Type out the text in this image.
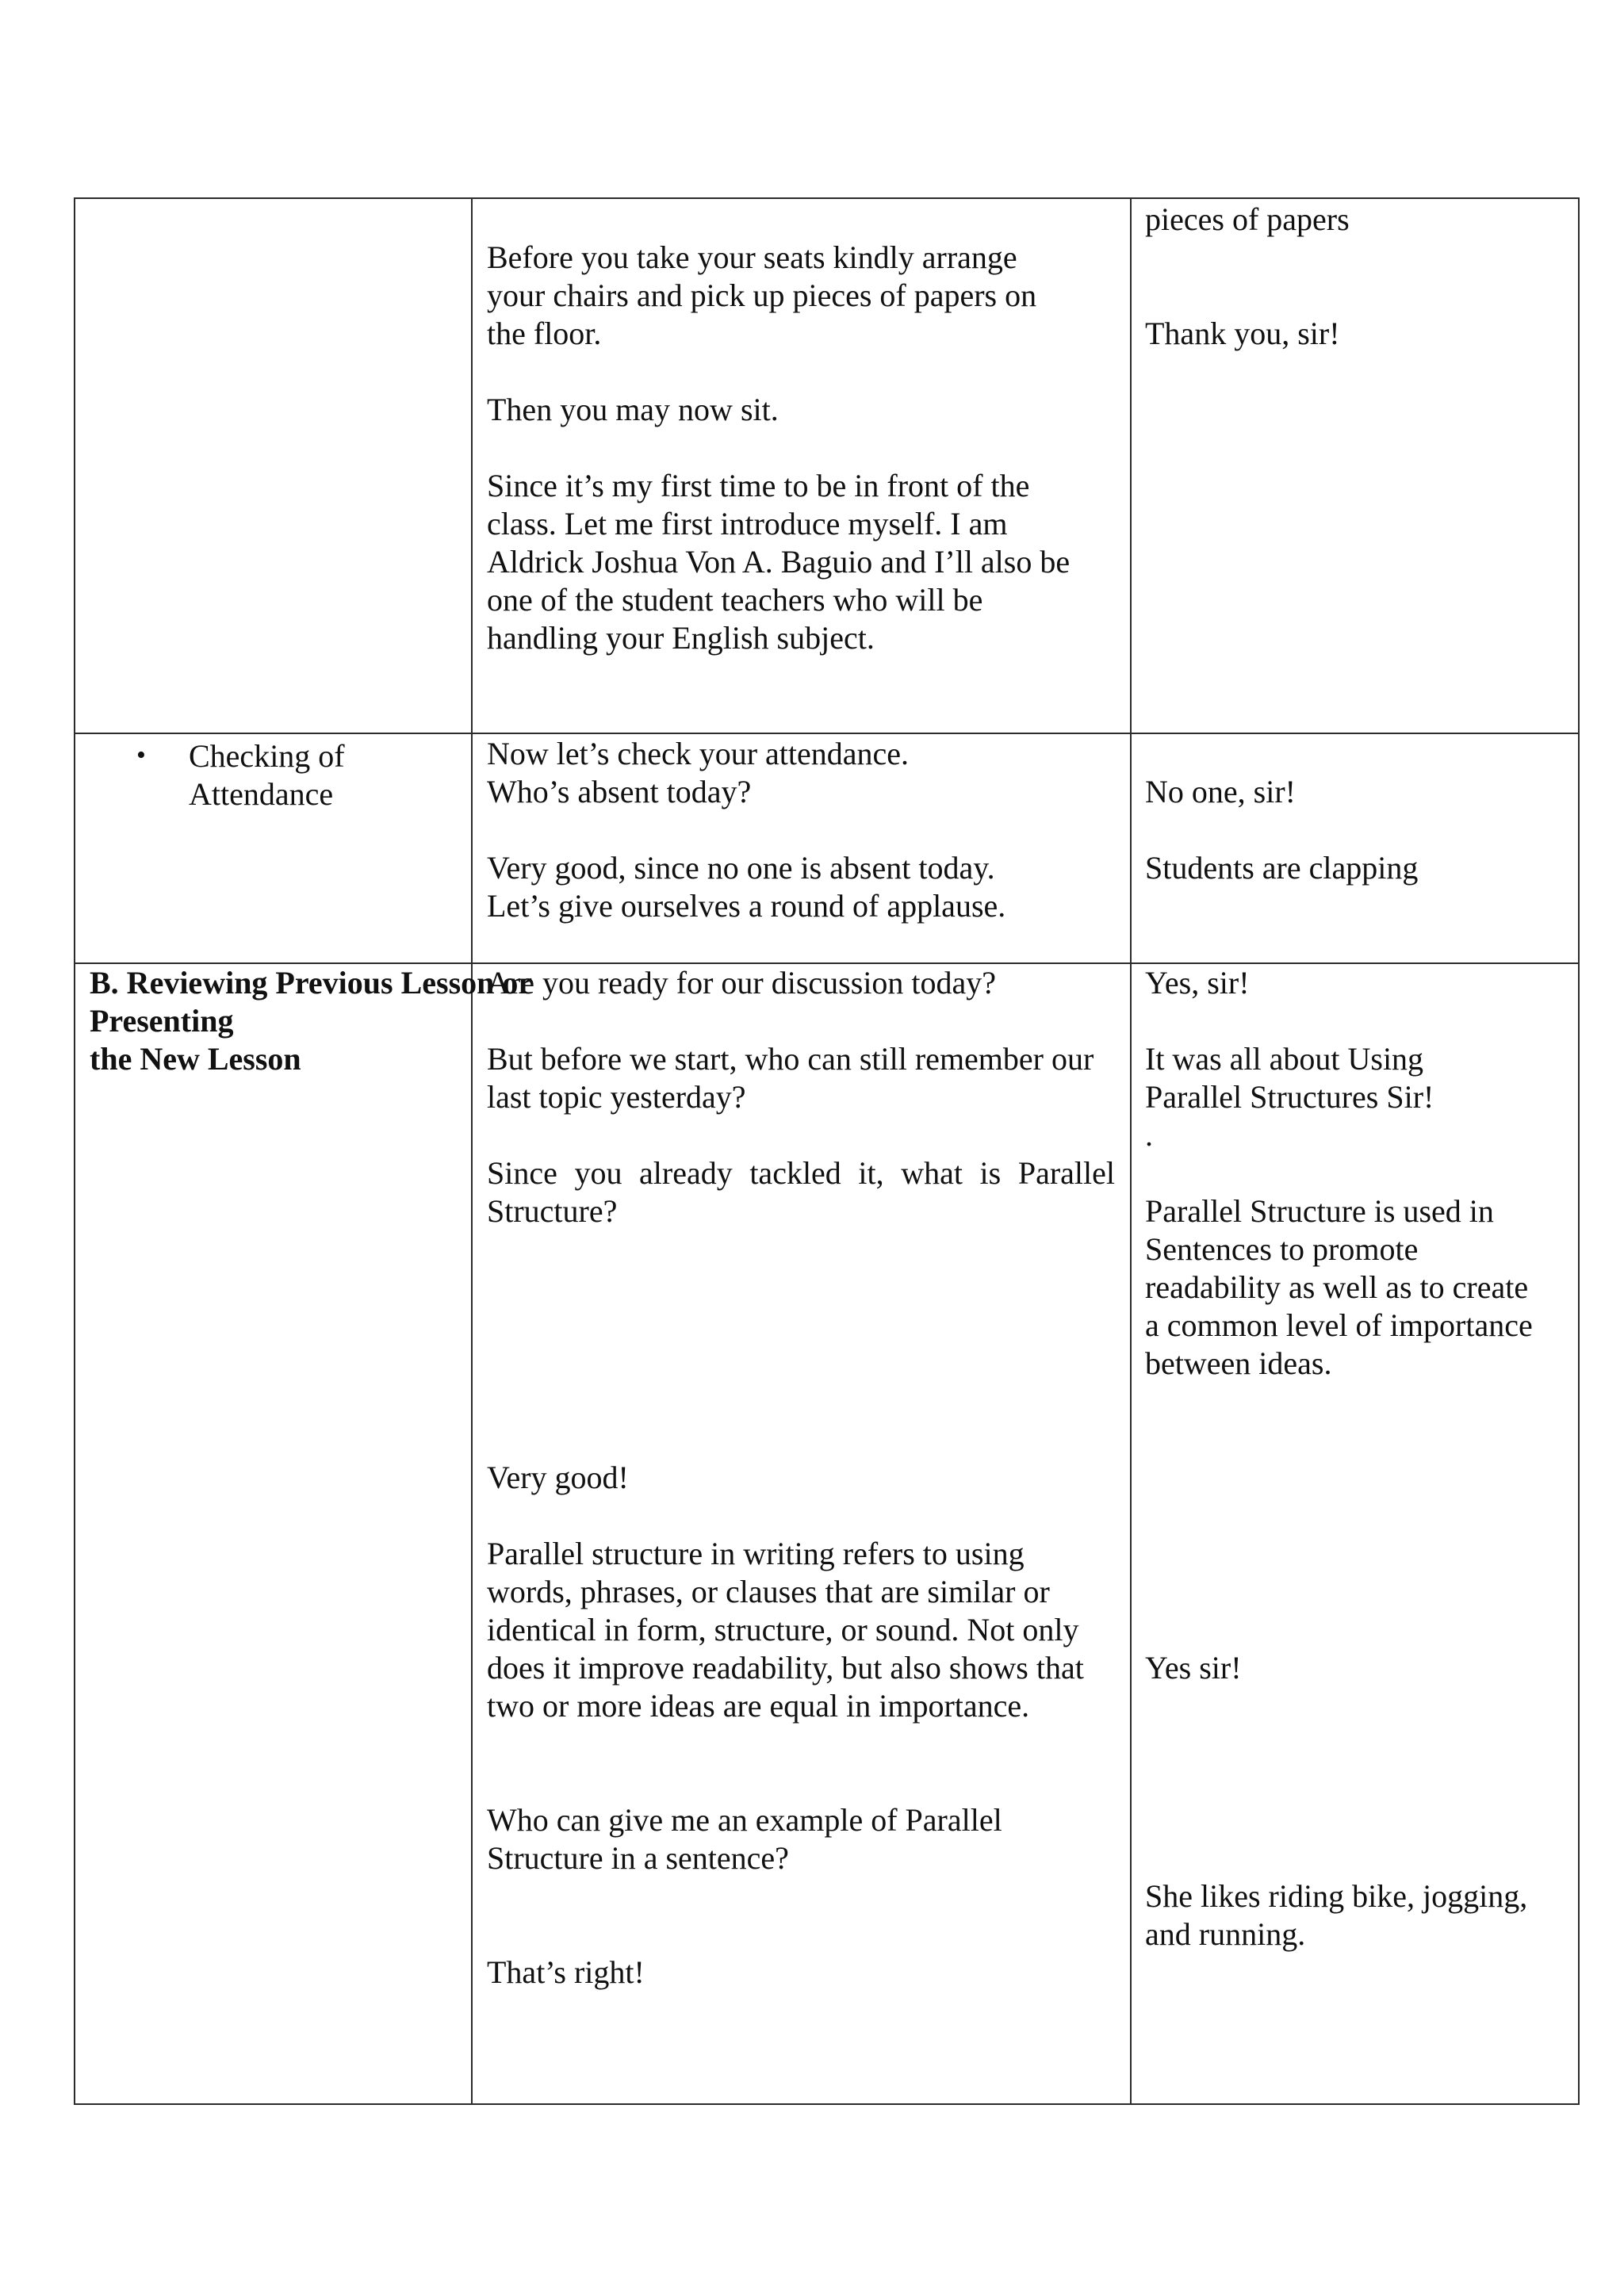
Before you take your seats kindly arrange
your chairs and pick up pieces of papers on
the floor.
Then you may now sit.
Since it’s my first time to be in front of the
class. Let me first introduce myself. I am
Aldrick Joshua Von A. Baguio and I’ll also be
one of the student teachers who will be
handling your English subject.
pieces of papers
Thank you, sir!
• Checking of
Attendance
Now let’s check your attendance.
Who’s absent today?
Very good, since no one is absent today.
Let’s give ourselves a round of applause.
No one, sir!
Students are clapping
B. Reviewing Previous Lesson or
Presenting
the New Lesson
Are you ready for our discussion today?
But before we start, who can still remember our
last topic yesterday?
Since you already tackled it, what is Parallel
Structure?
Very good!
Parallel structure in writing refers to using
words, phrases, or clauses that are similar or
identical in form, structure, or sound. Not only
does it improve readability, but also shows that
two or more ideas are equal in importance.
Who can give me an example of Parallel
Structure in a sentence?
That’s right!
Yes, sir!
It was all about Using
Parallel Structures Sir!
.
Parallel Structure is used in
Sentences to promote
readability as well as to create
a common level of importance
between ideas.
Yes sir!
She likes riding bike, jogging,
and running.
